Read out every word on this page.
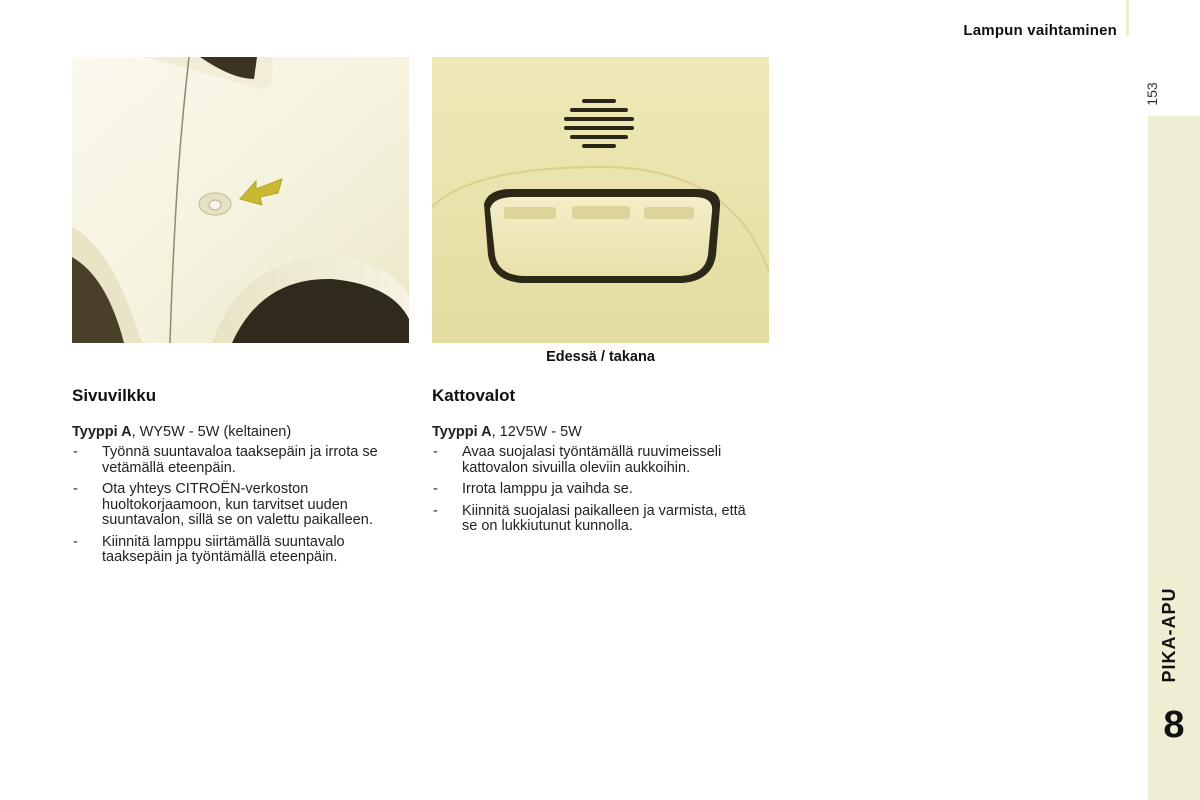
Lampun vaihtaminen
153
PIKA-APU
8
Edessä / takana
Sivuvilkku

Tyyppi A, WY5W - 5W (keltainen)

- Työnnä suuntavaloa taaksepäin ja irrota se vetämällä eteenpäin.
- Ota yhteys CITROËN-verkoston huoltokorjaamoon, kun tarvitset uuden suuntavalon, sillä se on valettu paikalleen.
- Kiinnitä lamppu siirtämällä suuntavalo taaksepäin ja työntämällä eteenpäin.
Kattovalot

Tyyppi A, 12V5W - 5W

- Avaa suojalasi työntämällä ruuvimeisseli kattovalon sivuilla oleviin aukkoihin.
- Irrota lamppu ja vaihda se.
- Kiinnitä suojalasi paikalleen ja varmista, että se on lukkiutunut kunnolla.
